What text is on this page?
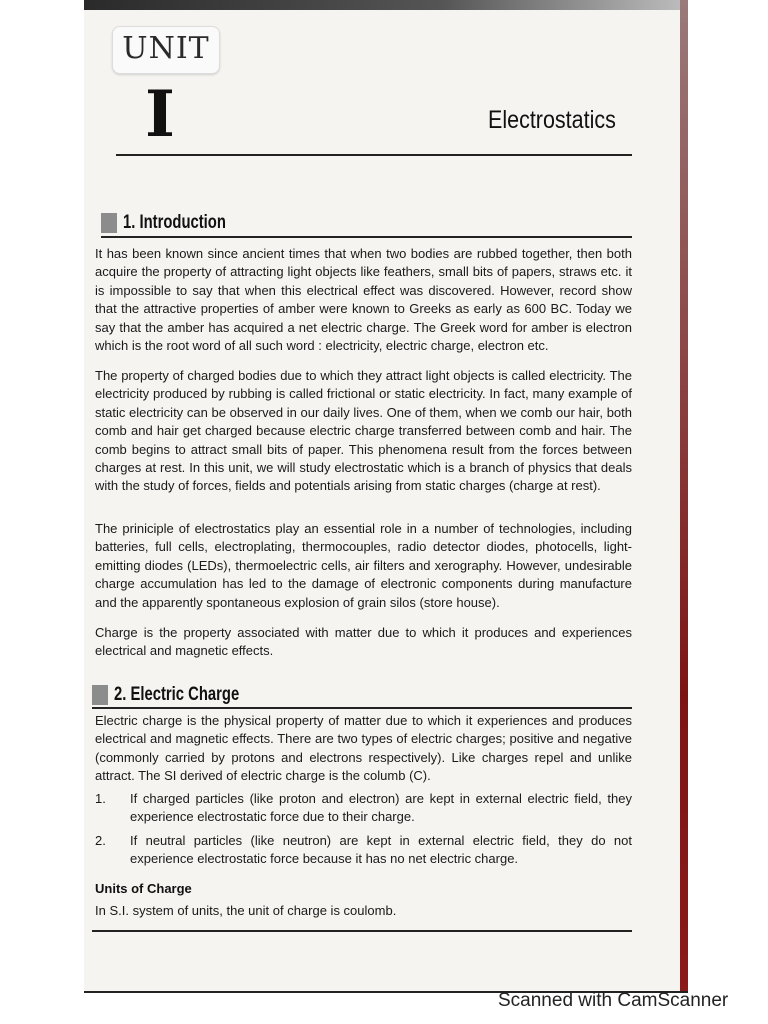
UNIT
I	Electrostatics
1. Introduction

It has been known since ancient times that when two bodies are rubbed together, then both acquire the property of attracting light objects like feathers, small bits of papers, straws etc. it is impossible to say that when this electrical effect was discovered. However, record show that the attractive properties of amber were known to Greeks as early as 600 BC. Today we say that the amber has acquired a net electric charge. The Greek word for amber is electron which is the root word of all such word : electricity, electric charge, electron etc.

The property of charged bodies due to which they attract light objects is called electricity. The electricity produced by rubbing is called frictional or static electricity. In fact, many example of static electricity can be observed in our daily lives. One of them, when we comb our hair, both comb and hair get charged because electric charge transferred between comb and hair. The comb begins to attract small bits of paper. This phenomena result from the forces between charges at rest. In this unit, we will study electrostatic which is a branch of physics that deals with the study of forces, fields and potentials arising from static charges (charge at rest).

The priniciple of electrostatics play an essential role in a number of technologies, including batteries, full cells, electroplating, thermocouples, radio detector diodes, photocells, light-emitting diodes (LEDs), thermoelectric cells, air filters and xerography. However, undesirable charge accumulation has led to the damage of electronic components during manufacture and the apparently spontaneous explosion of grain silos (store house).

Charge is the property associated with matter due to which it produces and experiences electrical and magnetic effects.

2. Electric Charge

Electric charge is the physical property of matter due to which it experiences and produces electrical and magnetic effects. There are two types of electric charges; positive and negative (commonly carried by protons and electrons respectively). Like charges repel and unlike attract. The SI derived of electric charge is the columb (C).

1. If charged particles (like proton and electron) are kept in external electric field, they experience electrostatic force due to their charge.
2. If neutral particles (like neutron) are kept in external electric field, they do not experience electrostatic force because it has no net electric charge.
Units of Charge
In S.I. system of units, the unit of charge is coulomb.
Scanned with CamScanner
